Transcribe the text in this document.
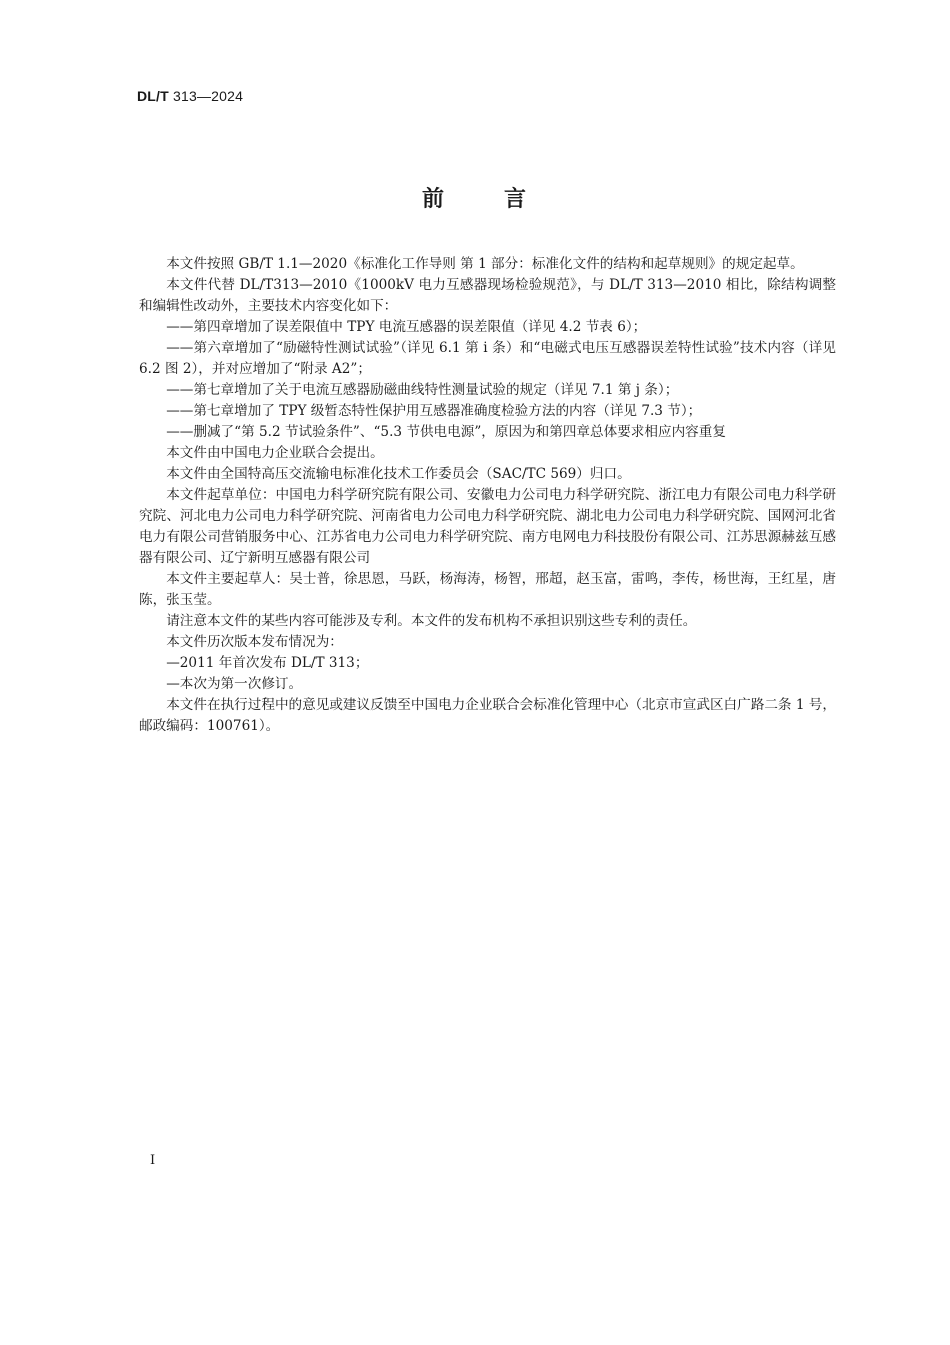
DL/T 313—2024
前	言

本文件按照 GB/T 1.1—2020《标准化工作导则 第 1 部分：标准化文件的结构和起草规则》的规定起草。

本文件代替 DL/T313—2010《1000kV 电力互感器现场检验规范》，与 DL/T 313—2010 相比，除结构调整和编辑性改动外，主要技术内容变化如下：

——第四章增加了误差限值中 TPY 电流互感器的误差限值（详见 4.2 节表 6）；

——第六章增加了“励磁特性测试试验”（详见 6.1 第 i 条）和“电磁式电压互感器误差特性试验”技术内容（详见 6.2 图 2），并对应增加了“附录 A2”；

——第七章增加了关于电流互感器励磁曲线特性测量试验的规定（详见 7.1 第 j 条）；

——第七章增加了 TPY 级暂态特性保护用互感器准确度检验方法的内容（详见 7.3 节）；

——删减了“第 5.2 节试验条件”、“5.3 节供电电源”，原因为和第四章总体要求相应内容重复

本文件由中国电力企业联合会提出。

本文件由全国特高压交流输电标准化技术工作委员会（SAC/TC 569）归口。

本文件起草单位：中国电力科学研究院有限公司、安徽电力公司电力科学研究院、浙江电力有限公司电力科学研究院、河北电力公司电力科学研究院、河南省电力公司电力科学研究院、湖北电力公司电力科学研究院、国网河北省电力有限公司营销服务中心、江苏省电力公司电力科学研究院、南方电网电力科技股份有限公司、江苏思源赫兹互感器有限公司、辽宁新明互感器有限公司

本文件主要起草人：吴士普，徐思恩，马跃，杨海涛，杨智，邢超，赵玉富，雷鸣，李传，杨世海，王红星，唐陈，张玉莹。

请注意本文件的某些内容可能涉及专利。本文件的发布机构不承担识别这些专利的责任。

本文件历次版本发布情况为：

—2011 年首次发布 DL/T 313；

—本次为第一次修订。

本文件在执行过程中的意见或建议反馈至中国电力企业联合会标准化管理中心（北京市宣武区白广路二条 1 号，邮政编码：100761）。

I
